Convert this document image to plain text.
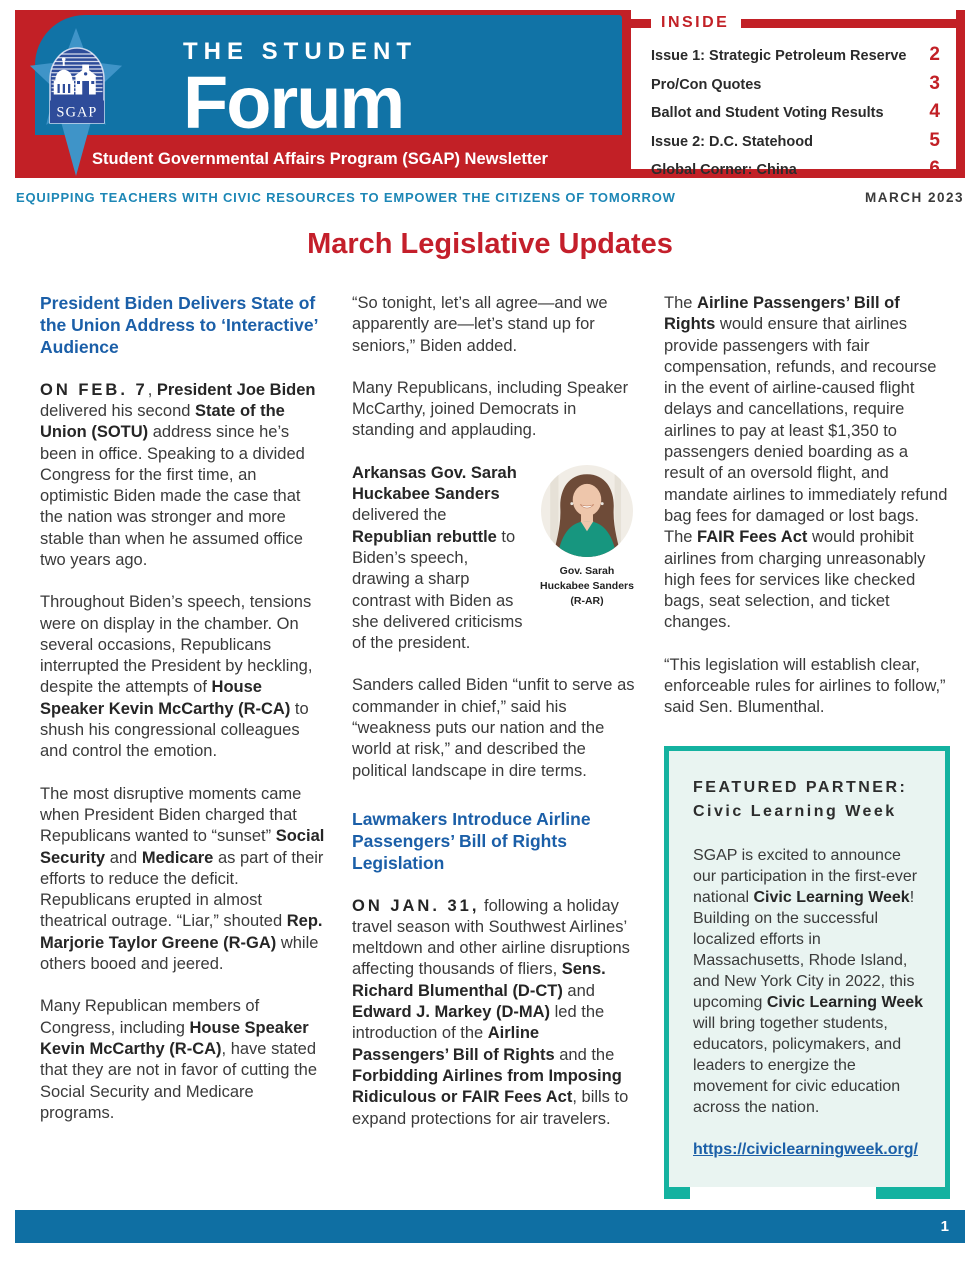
SGAP
THE STUDENT
Forum
Student Governmental Affairs Program (SGAP) Newsletter
INSIDE
Issue 1: Strategic Petroleum Reserve 2
Pro/Con Quotes	3
Ballot and Student Voting Results 4
Issue 2: D.C. Statehood	5
Global Corner: China	6
EQUIPPING TEACHERS WITH CIVIC RESOURCES TO EMPOWER THE CITIZENS OF TOMORROW	MARCH 2023
March Legislative Updates
President Biden Delivers State of the Union Address to ‘Interactive’ Audience

ON FEB. 7, President Joe Biden delivered his second State of the Union (SOTU) address since he’s been in office. Speaking to a divided Congress for the first time, an optimistic Biden made the case that the nation was stronger and more stable than when he assumed office two years ago.

Throughout Biden’s speech, tensions were on display in the chamber. On several occasions, Republicans interrupted the President by heckling, despite the attempts of House Speaker Kevin McCarthy (R-CA) to shush his congressional colleagues and control the emotion.

The most disruptive moments came when President Biden charged that Republicans wanted to “sunset” Social Security and Medicare as part of their efforts to reduce the deficit. Republicans erupted in almost theatrical outrage. “Liar,” shouted Rep. Marjorie Taylor Greene (R-GA) while others booed and jeered.

Many Republican members of Congress, including House Speaker Kevin McCarthy (R-CA), have stated that they are not in favor of cutting the Social Security and Medicare programs.

“So tonight, let’s all agree—and we apparently are—let’s stand up for seniors,” Biden added.

Many Republicans, including Speaker McCarthy, joined Democrats in standing and applauding.

Gov. Sarah
Huckabee Sanders
(R-AR)

Arkansas Gov. Sarah Huckabee Sanders delivered the Republian rebuttle to Biden’s speech, drawing a sharp contrast with Biden as she delivered criticisms of the president.

Sanders called Biden “unfit to serve as commander in chief,” said his “weakness puts our nation and the world at risk,” and described the political landscape in dire terms.

Lawmakers Introduce Airline Passengers’ Bill of Rights Legislation

ON JAN. 31, following a holiday travel season with Southwest Airlines’ meltdown and other airline disruptions affecting thousands of fliers, Sens. Richard Blumenthal (D-CT) and Edward J. Markey (D-MA) led the introduction of the Airline Passengers’ Bill of Rights and the Forbidding Airlines from Imposing Ridiculous or FAIR Fees Act, bills to expand protections for air travelers.

The Airline Passengers’ Bill of Rights would ensure that airlines provide passengers with fair compensation, refunds, and recourse in the event of airline-caused flight delays and cancellations, require airlines to pay at least $1,350 to passengers denied boarding as a result of an oversold flight, and mandate airlines to immediately refund bag fees for damaged or lost bags. The FAIR Fees Act would prohibit airlines from charging unreasonably high fees for services like checked bags, seat selection, and ticket changes.

“This legislation will establish clear, enforceable rules for airlines to follow,” said Sen. Blumenthal.

FEATURED PARTNER:
Civic Learning Week

SGAP is excited to announce our participation in the first-ever national Civic Learning Week! Building on the successful localized efforts in Massachusetts, Rhode Island, and New York City in 2022, this upcoming Civic Learning Week will bring together students, educators, policymakers, and leaders to energize the movement for civic education across the nation.

https://civiclearningweek.org/
1
